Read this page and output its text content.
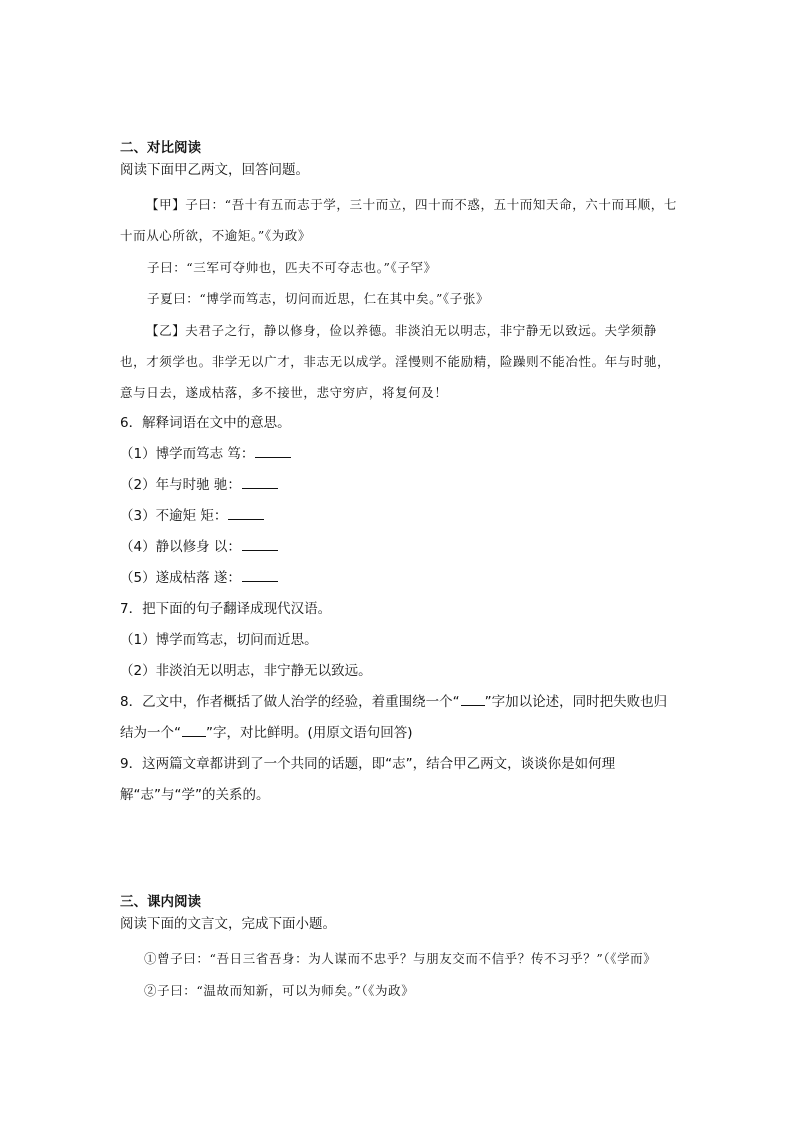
二、对比阅读
阅读下面甲乙两文，回答问题。
【甲】子曰：“吾十有五而志于学，三十而立，四十而不惑，五十而知天命，六十而耳顺，七十而从心所欲，不逾矩。”《为政》
子曰：“三军可夺帅也，匹夫不可夺志也。”《子罕》
子夏曰：“博学而笃志，切问而近思，仁在其中矣。”《子张》
【乙】夫君子之行，静以修身，俭以养德。非淡泊无以明志，非宁静无以致远。夫学须静也，才须学也。非学无以广才，非志无以成学。淫慢则不能励精，险躁则不能冶性。年与时驰，意与日去，遂成枯落，多不接世，悲守穷庐，将复何及！
6．解释词语在文中的意思。
（1）博学而笃志 笃：
（2）年与时驰 驰：
（3）不逾矩 矩：
（4）静以修身 以：
（5）遂成枯落 遂：
7．把下面的句子翻译成现代汉语。
（1）博学而笃志，切问而近思。
（2）非淡泊无以明志，非宁静无以致远。
8．乙文中，作者概括了做人治学的经验，着重围绕一个“ ”字加以论述，同时把失败也归结为一个“ ”字，对比鲜明。(用原文语句回答)
9．这两篇文章都讲到了一个共同的话题，即“志”，结合甲乙两文，谈谈你是如何理解“志”与“学”的关系的。
三、课内阅读
阅读下面的文言文，完成下面小题。
①曾子曰：“吾日三省吾身：为人谋而不忠乎？与朋友交而不信乎？传不习乎？”（《学而》
②子曰：“温故而知新，可以为师矣。”（《为政》
